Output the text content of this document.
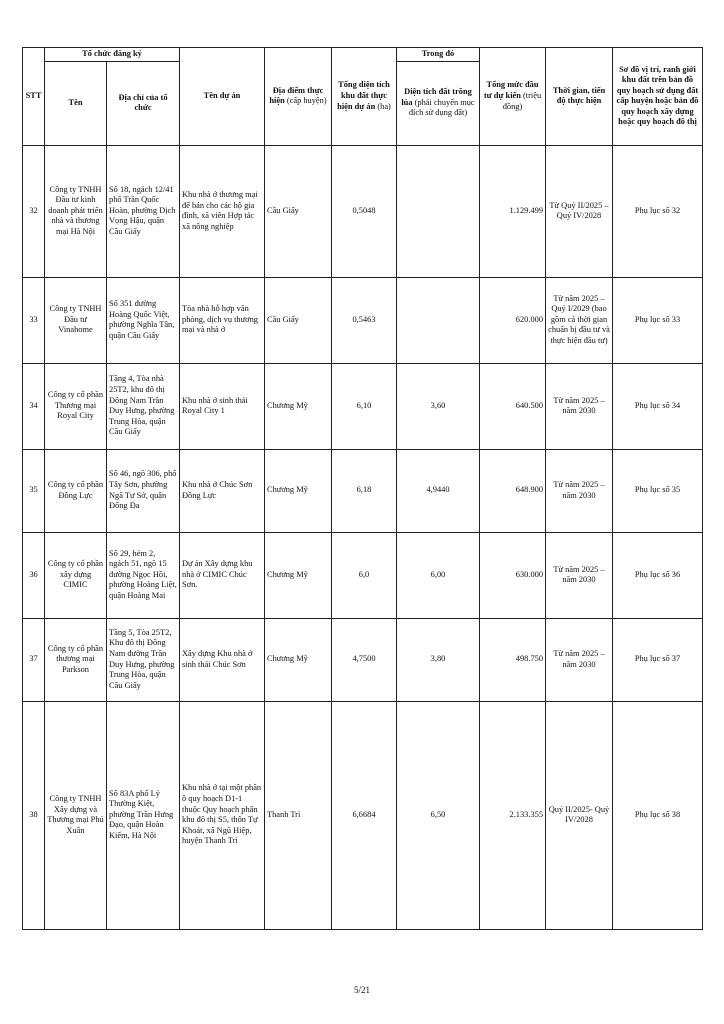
STT	Tổ chức đăng ký		Tên dự án	Địa điểm thực hiện (cấp huyện)	Tổng diện tích khu đất thực hiện dự án (ha)	Trong đó	Tổng mức đầu tư dự kiến (triệu đồng)	Thời gian, tiến độ thực hiện	Sơ đồ vị trí, ranh giới khu đất trên bản đồ quy hoạch sử dụng đất cấp huyện hoặc bản đồ quy hoạch xây dựng hoặc quy hoạch đô thị
	Tên	Địa chỉ của tổ chức				Diện tích đất trồng lúa (phải chuyển mục đích sử dụng đất)			
32	Công ty TNHH Đầu tư kinh doanh phát triển nhà và thương mại Hà Nội	Số 18, ngách 12/41 phố Trần Quốc Hoàn, phường Dịch Vọng Hậu, quận Cầu Giấy	Khu nhà ở thương mại để bán cho các hộ gia đình, xã viên Hợp tác xã nông nghiệp	Cầu Giấy	0,5048		1.129.499	Từ Quý II/2025 – Quý IV/2028	Phụ lục số 32
33	Công ty TNHH Đầu tư Vinahome	Số 351 đường Hoàng Quốc Việt, phường Nghĩa Tân, quận Cầu Giấy	Tòa nhà hỗ hợp văn phòng, dịch vụ thương mại và nhà ở	Cầu Giấy	0,5463		620.000	Từ năm 2025 – Quý I/2029 (bao gồm cả thời gian chuẩn bị đầu tư và thực hiện đầu tư)	Phụ lục số 33
34	Công ty cổ phần Thương mại Royal City	Tầng 4, Tòa nhà 25T2, khu đô thị Đông Nam Trần Duy Hưng, phường Trung Hòa, quận Cầu Giấy	Khu nhà ở sinh thái Royal City 1	Chương Mỹ	6,10	3,60	640.500	Từ năm 2025 – năm 2030	Phụ lục số 34
35	Công ty cổ phần Đồng Lực	Số 46, ngõ 306, phố Tây Sơn, phường Ngã Tư Sở, quận Đống Đa	Khu nhà ở Chúc Sơn Đồng Lực	Chương Mỹ	6,18	4,9440	648.900	Từ năm 2025 – năm 2030	Phụ lục số 35
36	Công ty cổ phần xây dựng CIMIC	Số 29, hẻm 2, ngách 51, ngõ 15 đường Ngọc Hồi, phường Hoàng Liệt, quận Hoàng Mai	Dự án Xây dựng khu nhà ở CIMIC Chúc Sơn.	Chương Mỹ	6,0	6,00	630.000	Từ năm 2025 – năm 2030	Phụ lục số 36
37	Công ty cổ phần thương mại Parkson	Tầng 5, Tòa 25T2, Khu đô thị Đông Nam đường Trần Duy Hưng, phường Trung Hòa, quận Cầu Giấy	Xây dựng Khu nhà ở sinh thái Chúc Sơn	Chương Mỹ	4,7500	3,80	498.750	Từ năm 2025 – năm 2030	Phụ lục số 37
38	Công ty TNHH Xây dựng và Thương mại Phú Xuân	Số 83A phố Lý Thường Kiệt, phường Trần Hưng Đạo, quận Hoàn Kiếm, Hà Nội	Khu nhà ở tại một phần ô quy hoạch D1-1 thuộc Quy hoạch phân khu đô thị S5, thôn Tự Khoát, xã Ngũ Hiệp, huyện Thanh Trì	Thanh Trì	6,6684	6,50	2.133.355	Quý II/2025- Quý IV/2028	Phụ lục số 38
5/21
